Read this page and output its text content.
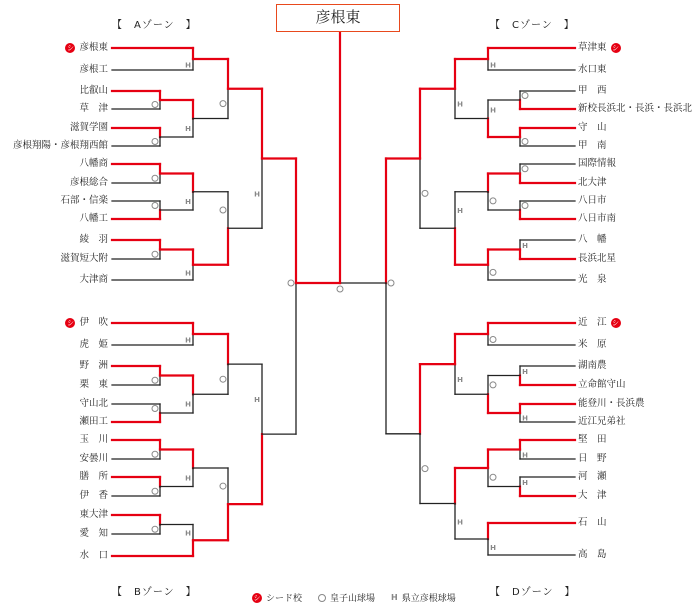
H
H
H
H
H
H
H
H
H
H
H
H
H
H
H
H
H
H
H
H
H
H
彦根東
【　Aゾーン　】
【　Bゾーン　】
【　Cゾーン　】
【　Dゾーン　】
彦根東
シ
彦根工
比叡山
草　津
滋賀学園
彦根翔陽・彦根翔西館
八幡商
彦根総合
石部・信楽
八幡工
綾　羽
滋賀短大附
大津商
伊　吹
シ
虎　姫
野　洲
栗　東
守山北
瀬田工
玉　川
安曇川
膳　所
伊　香
東大津
愛　知
水　口
草津東 シ
水口東
甲　西
新校長浜北・長浜・長浜北
守　山
甲　南
国際情報
北大津
八日市
八日市南
八　幡
長浜北星
光　泉
近　江 シ
米　原
湖南農
立命館守山
能登川・長浜農
近江兄弟社
堅　田
日　野
河　瀬
大　津
石　山
高　島
シ シード校	皇子山球場 H 県立彦根球場
